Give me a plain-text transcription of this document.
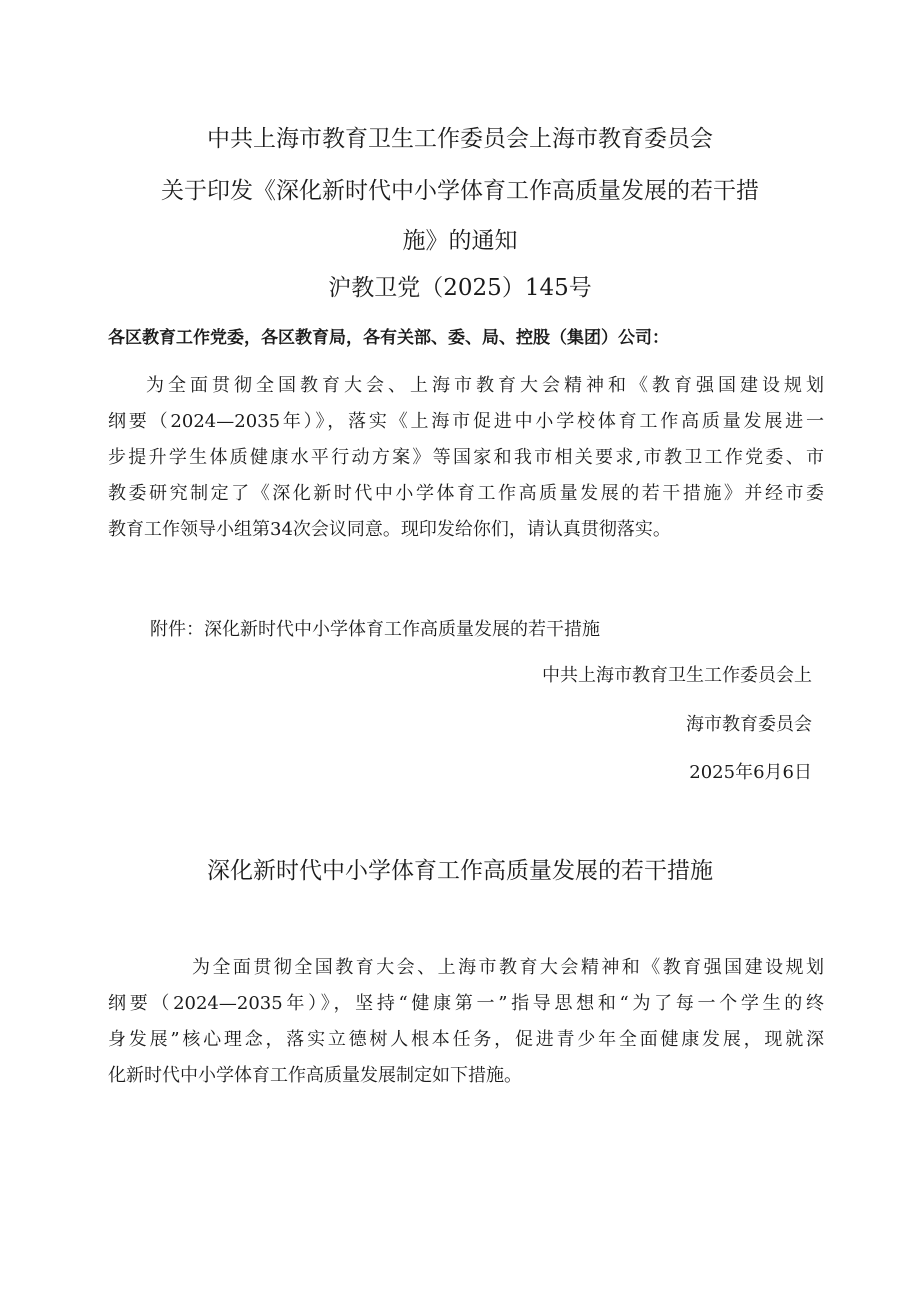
中共上海市教育卫生工作委员会上海市教育委员会
关于印发《深化新时代中小学体育工作高质量发展的若干措
施》的通知
沪教卫党（2025）145号
各区教育工作党委，各区教育局，各有关部、委、局、控股（集团）公司：
为全面贯彻全国教育大会、上海市教育大会精神和《教育强国建设规划
纲要（2024—2035年）》，落实《上海市促进中小学校体育工作高质量发展进一
步提升学生体质健康水平行动方案》等国家和我市相关要求,市教卫工作党委、市
教委研究制定了《深化新时代中小学体育工作高质量发展的若干措施》并经市委
教育工作领导小组第34次会议同意。现印发给你们，请认真贯彻落实。
附件：深化新时代中小学体育工作高质量发展的若干措施
中共上海市教育卫生工作委员会上
海市教育委员会
2025年6月6日
深化新时代中小学体育工作高质量发展的若干措施
为全面贯彻全国教育大会、上海市教育大会精神和《教育强国建设规划
纲要（2024—2035年）》，坚持“健康第一”指导思想和“为了每一个学生的终
身发展”核心理念，落实立德树人根本任务，促进青少年全面健康发展，现就深
化新时代中小学体育工作高质量发展制定如下措施。
